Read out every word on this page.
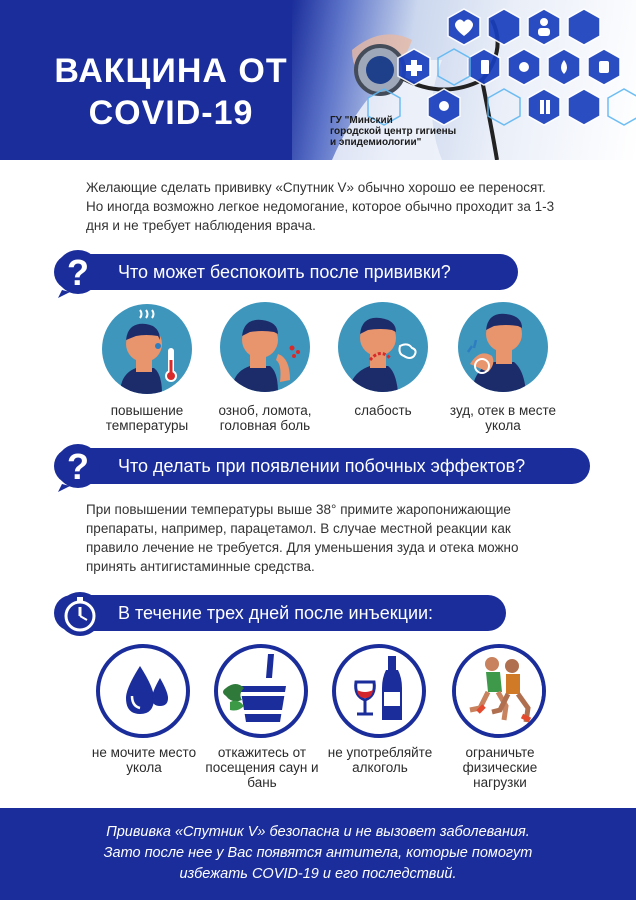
ВАКЦИНА ОТ
COVID-19	ГУ "Минский
городской центр гигиены
и эпидемиологии"
Желающие сделать прививку «Спутник V» обычно хорошо ее переносят. Но иногда возможно легкое недомогание, которое обычно проходит за 1-3 дня и не требует наблюдения врача.
? Что может беспокоить после прививки?
повышение температуры
озноб, ломота, головная боль
слабость	зуд, отек в месте укола
? Что делать при появлении побочных эффектов?
При повышении температуры выше 38° примите жаропонижающие препараты, например, парацетамол. В случае местной реакции как правило лечение не требуется. Для уменьшения зуда и отека можно принять антигистаминные средства.
В течение трех дней после инъекции:
не мочите место укола
откажитесь от посещения саун и бань
не употребляйте алкоголь
ограничьте физические нагрузки
Прививка «Спутник V» безопасна и не вызовет заболевания.
Зато после нее у Вас появятся антитела, которые помогут
избежать COVID-19 и его последствий.
